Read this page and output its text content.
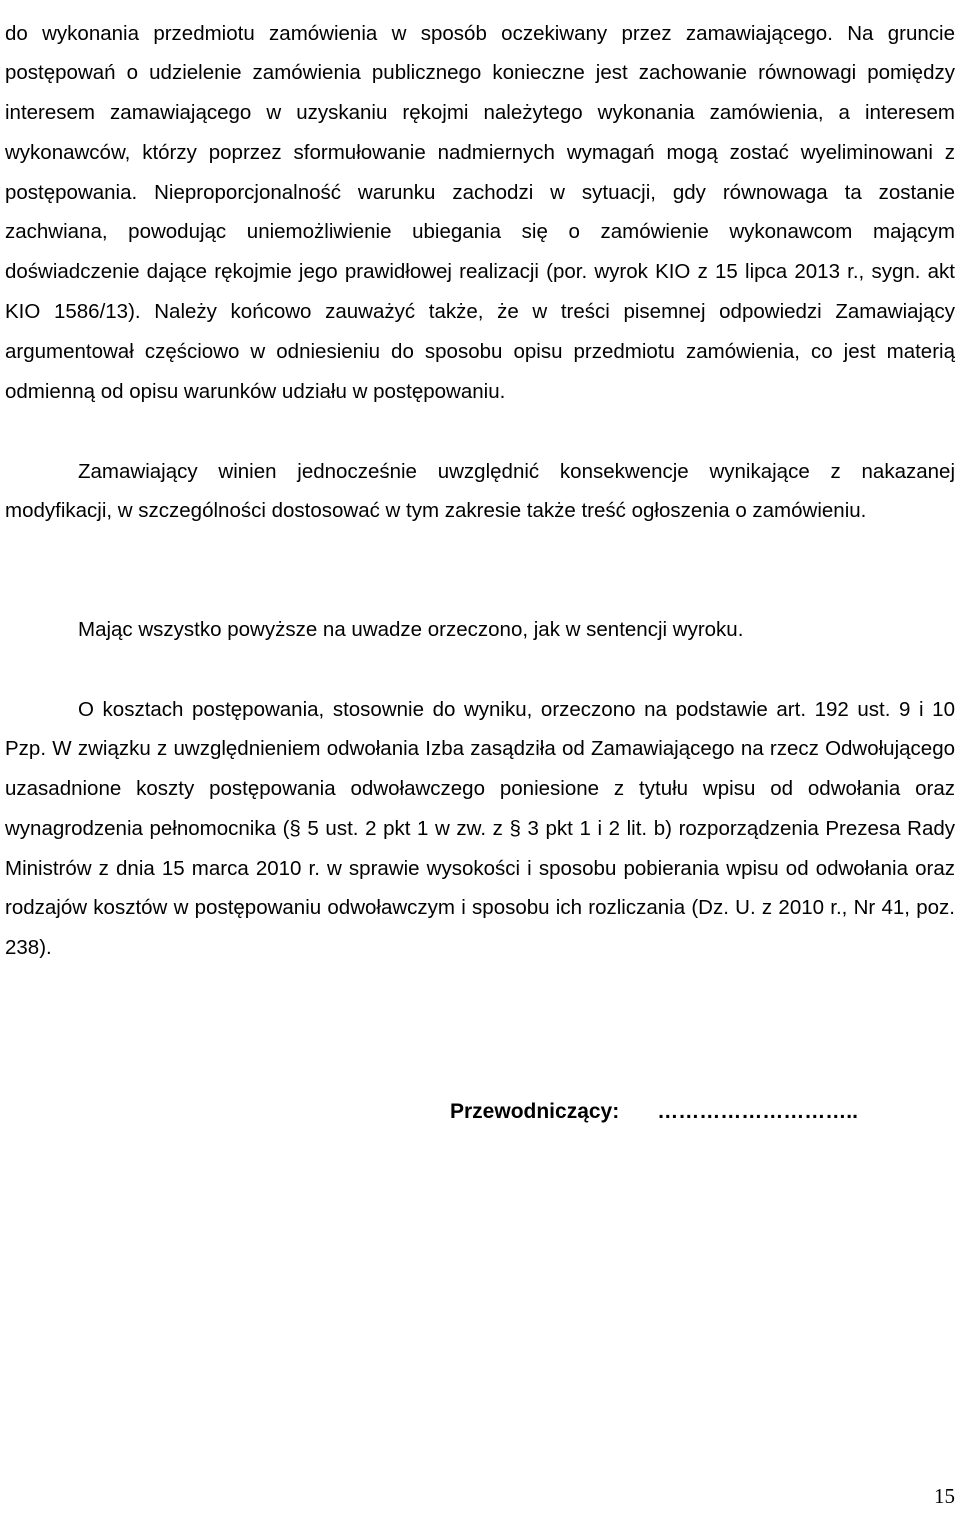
do wykonania przedmiotu zamówienia w sposób oczekiwany przez zamawiającego. Na gruncie postępowań o udzielenie zamówienia publicznego konieczne jest zachowanie równowagi pomiędzy interesem zamawiającego w uzyskaniu rękojmi należytego wykonania zamówienia, a interesem wykonawców, którzy poprzez sformułowanie nadmiernych wymagań mogą zostać wyeliminowani z postępowania. Nieproporcjonalność warunku zachodzi w sytuacji, gdy równowaga ta zostanie zachwiana, powodując uniemożliwienie ubiegania się o zamówienie wykonawcom mającym doświadczenie dające rękojmie jego prawidłowej realizacji (por. wyrok KIO z 15 lipca 2013 r., sygn. akt KIO 1586/13). Należy końcowo zauważyć także, że w treści pisemnej odpowiedzi Zamawiający argumentował częściowo w odniesieniu do sposobu opisu przedmiotu zamówienia, co jest materią odmienną od opisu warunków udziału w postępowaniu.

Zamawiający winien jednocześnie uwzględnić konsekwencje wynikające z nakazanej modyfikacji, w szczególności dostosować w tym zakresie także treść ogłoszenia o zamówieniu.

Mając wszystko powyższe na uwadze orzeczono, jak w sentencji wyroku.

O kosztach postępowania, stosownie do wyniku, orzeczono na podstawie art. 192 ust. 9 i 10 Pzp. W związku z uwzględnieniem odwołania Izba zasądziła od Zamawiającego na rzecz Odwołującego uzasadnione koszty postępowania odwoławczego poniesione z tytułu wpisu od odwołania oraz wynagrodzenia pełnomocnika (§ 5 ust. 2 pkt 1 w zw. z § 3 pkt 1 i 2 lit. b) rozporządzenia Prezesa Rady Ministrów z dnia 15 marca 2010 r. w sprawie wysokości i sposobu pobierania wpisu od odwołania oraz rodzajów kosztów w postępowaniu odwoławczym i sposobu ich rozliczania (Dz. U. z 2010 r., Nr 41, poz. 238).

Przewodniczący: ………………………..
15
